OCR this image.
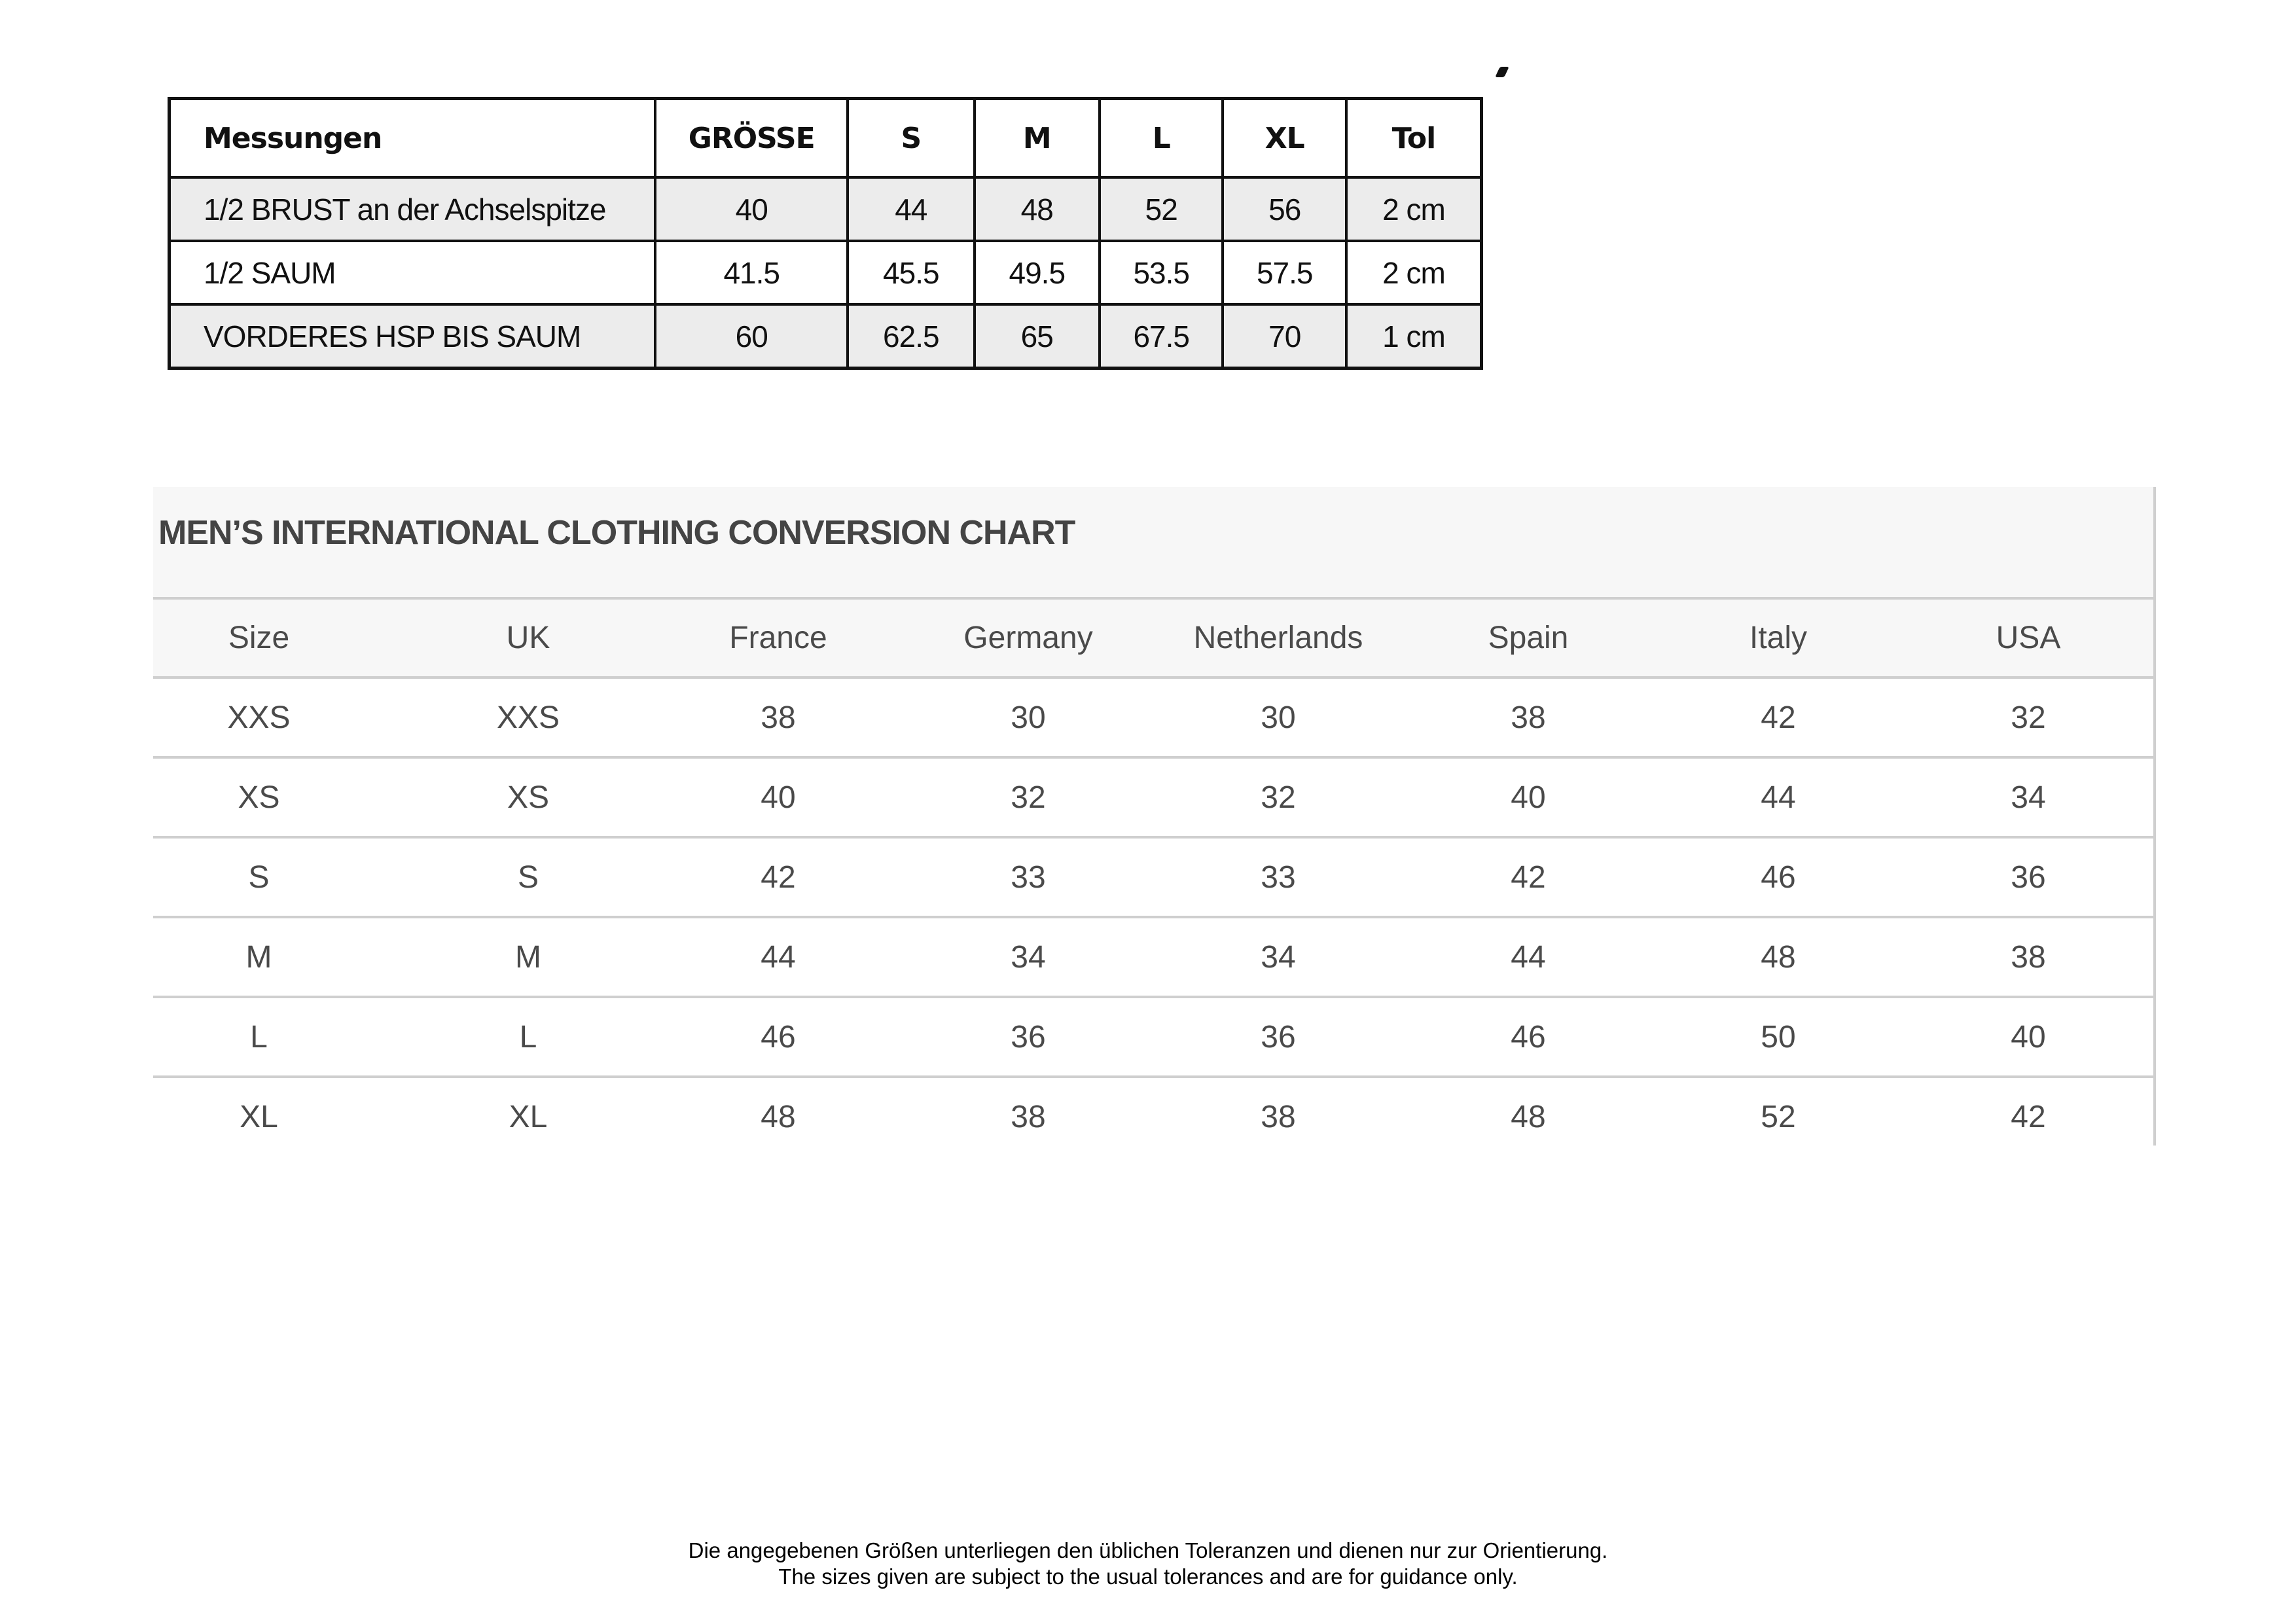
Messungen	GRÖSSE	S	M	L	XL	Tol
1/2 BRUST an der Achselspitze	40	44	48	52	56	2 cm
1/2 SAUM	41.5	45.5	49.5	53.5	57.5	2 cm
VORDERES HSP BIS SAUM	60	62.5	65	67.5	70	1 cm
MEN’S INTERNATIONAL CLOTHING CONVERSION CHART
Size	UK	France	Germany	Netherlands	Spain	Italy	USA
XXS	XXS	38	30	30	38	42	32
XS	XS	40	32	32	40	44	34
S	S	42	33	33	42	46	36
M	M	44	34	34	44	48	38
L	L	46	36	36	46	50	40
XL	XL	48	38	38	48	52	42
Die angegebenen Größen unterliegen den üblichen Toleranzen und dienen nur zur Orientierung.
The sizes given are subject to the usual tolerances and are for guidance only.
